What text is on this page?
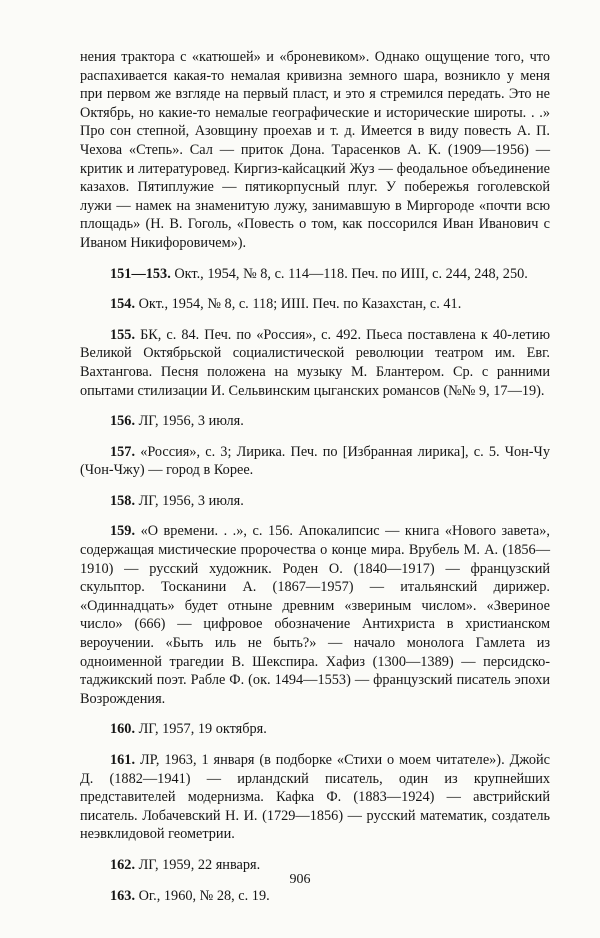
нения трактора с «катюшей» и «броневиком». Однако ощущение того, что распахивается какая-то немалая кривизна земного шара, возникло у меня при первом же взгляде на первый пласт, и это я стремился передать. Это не Октябрь, но какие-то немалые географические и исторические широты. . .» Про сон степной, Азовщину проехав и т. д. Имеется в виду повесть А. П. Чехова «Степь». Сал — приток Дона. Тарасенков А. К. (1909—1956) — критик и литературовед. Киргиз-кайсацкий Жуз — феодальное объединение казахов. Пятиплужие — пятикорпусный плуг. У побережья гоголевской лужи — намек на знаменитую лужу, занимавшую в Миргороде «почти всю площадь» (Н. В. Гоголь, «Повесть о том, как поссорился Иван Иванович с Иваном Никифоровичем»).

151—153. Окт., 1954, № 8, с. 114—118. Печ. по ИIII, с. 244, 248, 250.

154. Окт., 1954, № 8, с. 118; ИIII. Печ. по Казахстан, с. 41.

155. БК, с. 84. Печ. по «Россия», с. 492. Пьеса поставлена к 40-летию Великой Октябрьской социалистической революции театром им. Евг. Вахтангова. Песня положена на музыку М. Блантером. Ср. с ранними опытами стилизации И. Сельвинским цыганских романсов (№№ 9, 17—19).

156. ЛГ, 1956, 3 июля.

157. «Россия», с. 3; Лирика. Печ. по [Избранная лирика], с. 5. Чон-Чу (Чон-Чжу) — город в Корее.

158. ЛГ, 1956, 3 июля.

159. «О времени. . .», с. 156. Апокалипсис — книга «Нового завета», содержащая мистические пророчества о конце мира. Врубель М. А. (1856—1910) — русский художник. Роден О. (1840—1917) — французский скульптор. Тосканини А. (1867—1957) — итальянский дирижер. «Одиннадцать» будет отныне древним «звериным числом». «Звериное число» (666) — цифровое обозначение Антихриста в христианском вероучении. «Быть иль не быть?» — начало монолога Гамлета из одноименной трагедии В. Шекспира. Хафиз (1300—1389) — персидско-таджикский поэт. Рабле Ф. (ок. 1494—1553) — французский писатель эпохи Возрождения.

160. ЛГ, 1957, 19 октября.

161. ЛР, 1963, 1 января (в подборке «Стихи о моем читателе»). Джойс Д. (1882—1941) — ирландский писатель, один из крупнейших представителей модернизма. Кафка Ф. (1883—1924) — австрийский писатель. Лобачевский Н. И. (1729—1856) — русский математик, создатель неэвклидовой геометрии.

162. ЛГ, 1959, 22 января.

163. Ог., 1960, № 28, с. 19.

906
